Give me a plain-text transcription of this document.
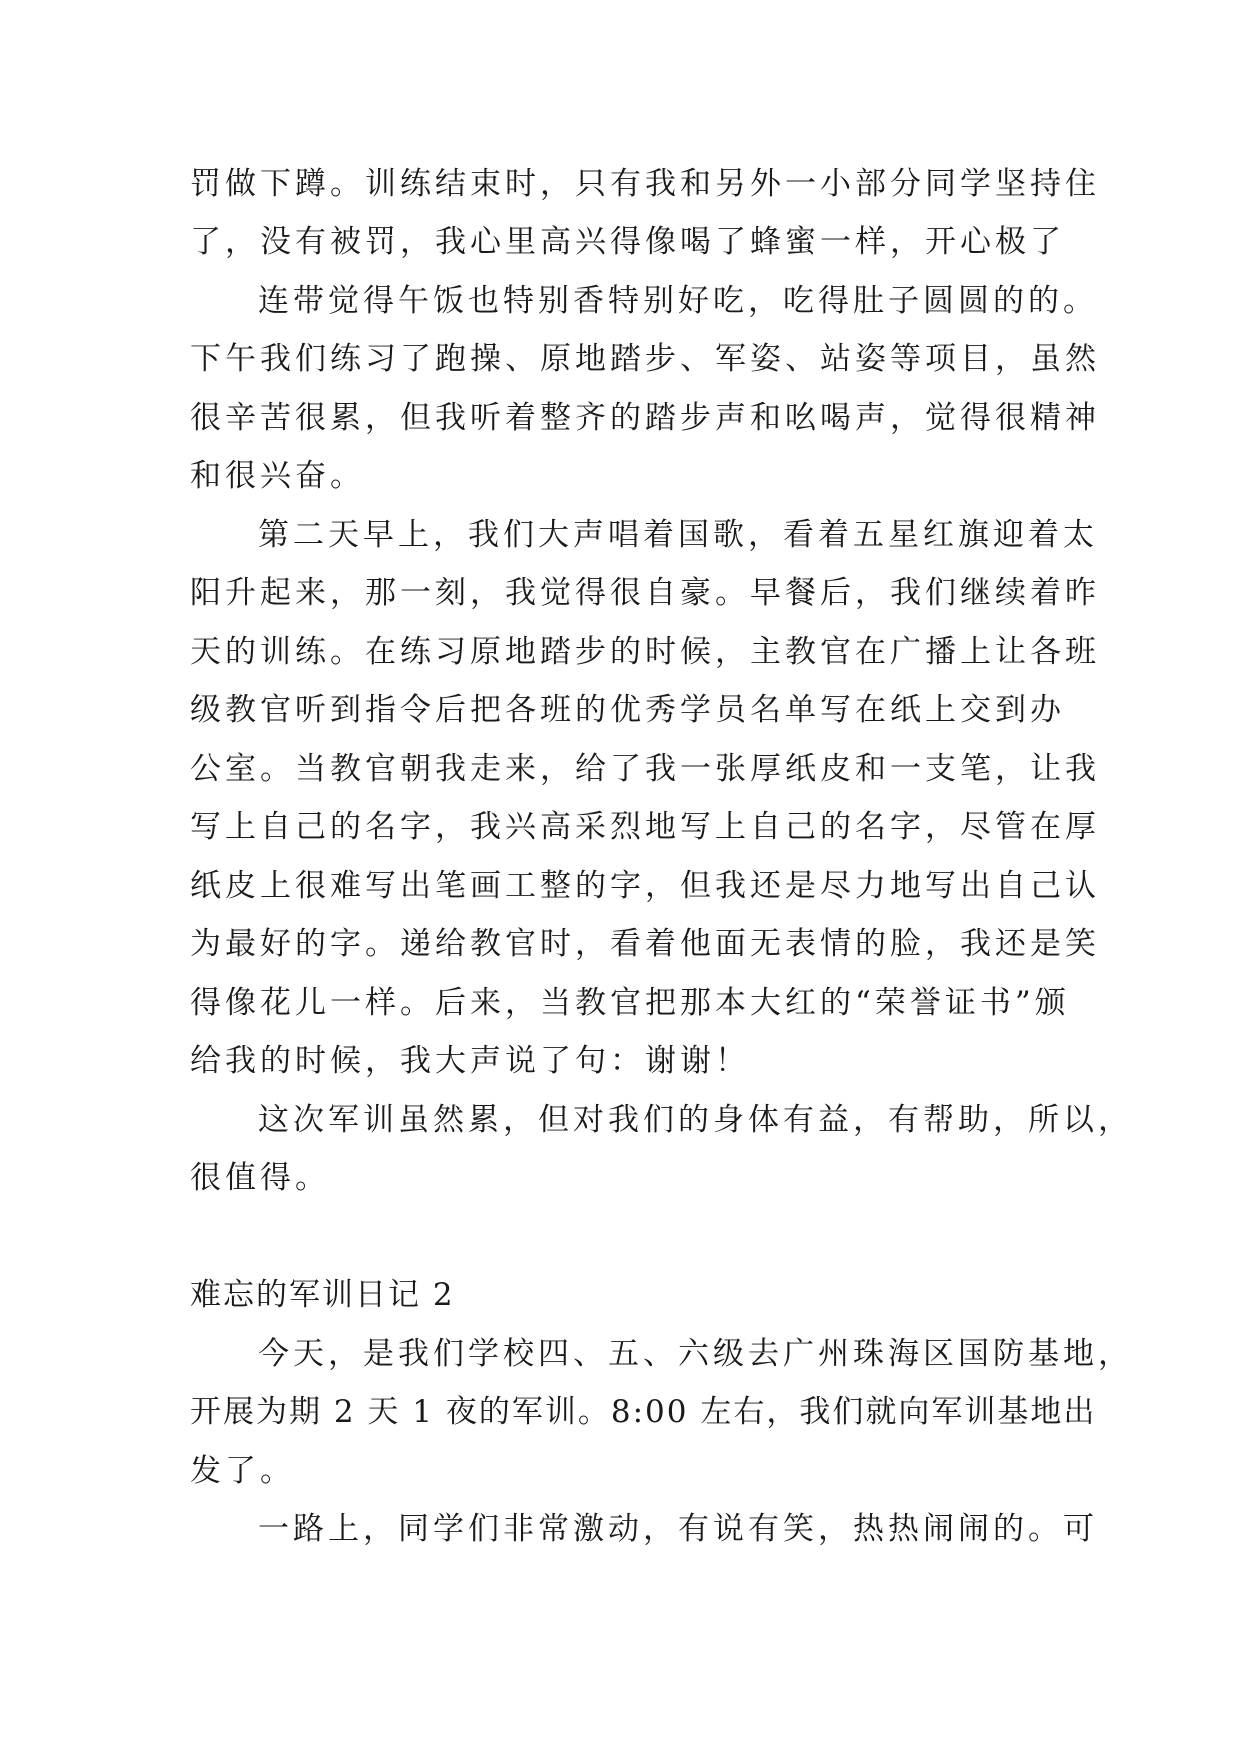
罚做下蹲。训练结束时，只有我和另外一小部分同学坚持住
了，没有被罚，我心里高兴得像喝了蜂蜜一样，开心极了
连带觉得午饭也特别香特别好吃，吃得肚子圆圆的的。
下午我们练习了跑操、原地踏步、军姿、站姿等项目，虽然
很辛苦很累，但我听着整齐的踏步声和吆喝声，觉得很精神
和很兴奋。
第二天早上，我们大声唱着国歌，看着五星红旗迎着太
阳升起来，那一刻，我觉得很自豪。早餐后，我们继续着昨
天的训练。在练习原地踏步的时候，主教官在广播上让各班
级教官听到指令后把各班的优秀学员名单写在纸上交到办
公室。当教官朝我走来，给了我一张厚纸皮和一支笔，让我
写上自己的名字，我兴高采烈地写上自己的名字，尽管在厚
纸皮上很难写出笔画工整的字，但我还是尽力地写出自己认
为最好的字。递给教官时，看着他面无表情的脸，我还是笑
得像花儿一样。后来，当教官把那本大红的“荣誉证书”颁
给我的时候，我大声说了句：谢谢！
这次军训虽然累，但对我们的身体有益，有帮助，所以，
很值得。
难忘的军训日记 2
今天，是我们学校四、五、六级去广州珠海区国防基地，
开展为期 2 天 1 夜的军训。8:00 左右，我们就向军训基地出
发了。
一路上，同学们非常激动，有说有笑，热热闹闹的。可
